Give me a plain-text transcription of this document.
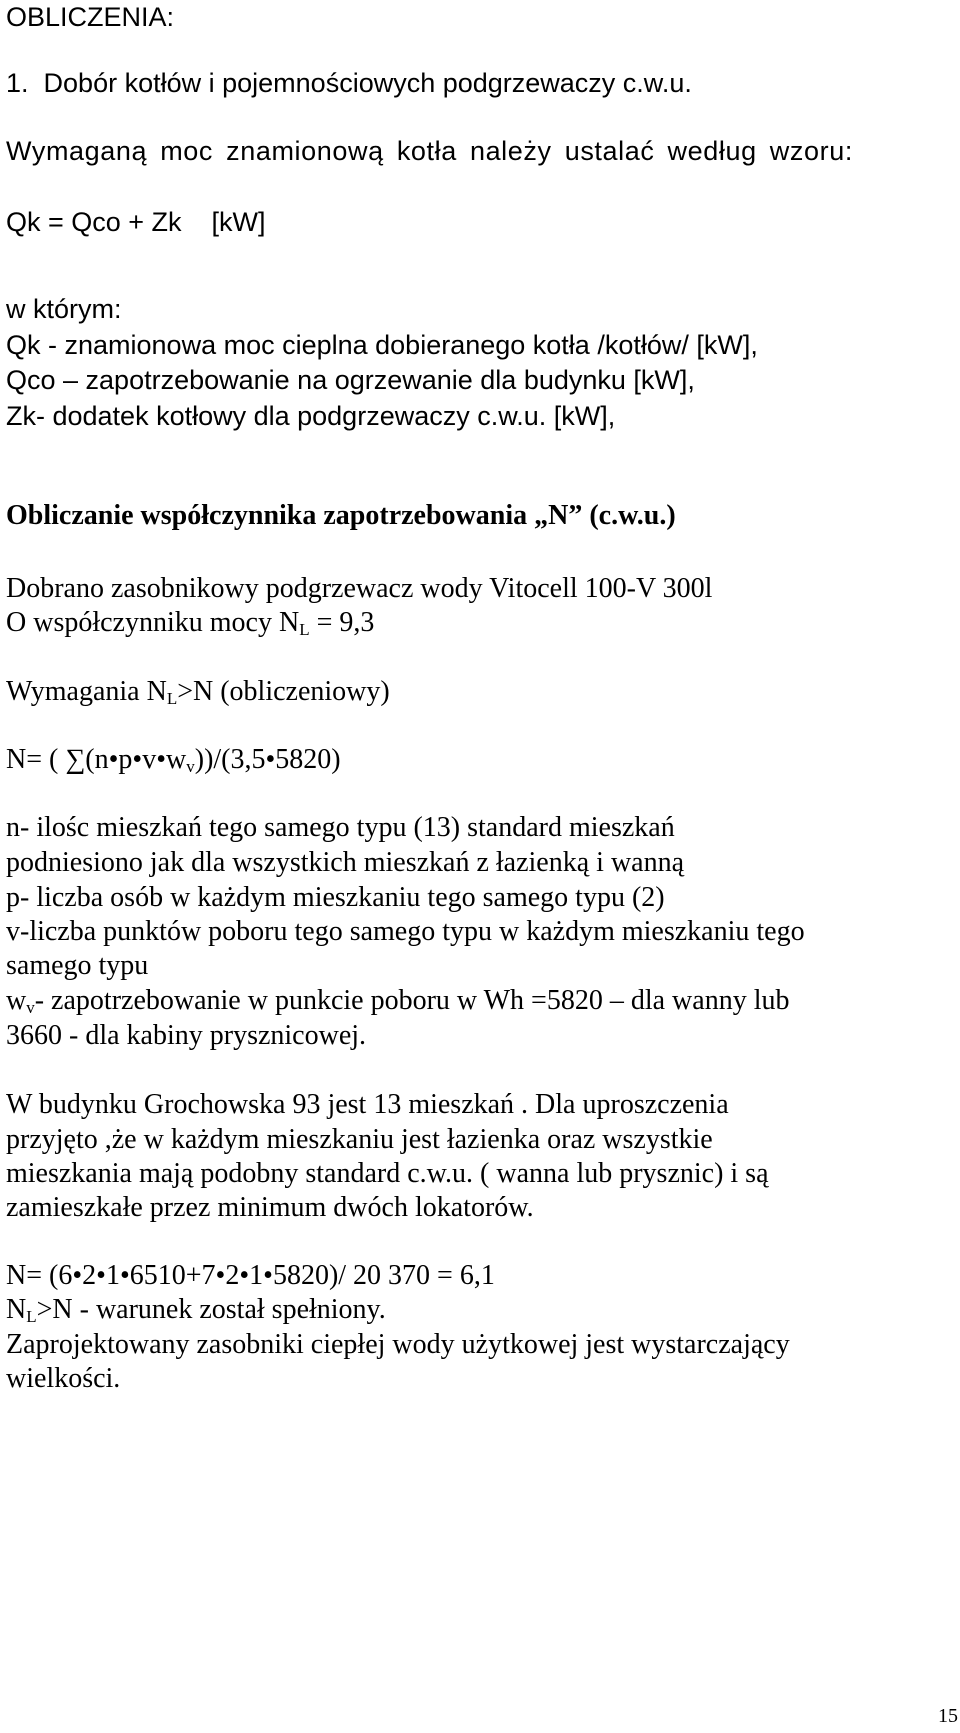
OBLICZENIA:
1. Dobór kotłów i pojemnościowych podgrzewaczy c.w.u.
Wymaganą moc znamionową kotła należy ustalać według wzoru:
Qk = Qco + Zk    [kW]
w którym:
Qk - znamionowa moc cieplna dobieranego kotła /kotłów/ [kW],
Qco – zapotrzebowanie na ogrzewanie dla budynku [kW],
Zk- dodatek kotłowy dla podgrzewaczy c.w.u. [kW],
Obliczanie współczynnika zapotrzebowania „N” (c.w.u.)
Dobrano zasobnikowy podgrzewacz wody Vitocell 100-V 300l
O współczynniku mocy $N_L = 9,3$
Wymagania $N_L>N$ (obliczeniowy)
N= ( $\sum(n•p•v•w_v))/(3,5•5820)$
n- ilośc mieszkań tego samego typu (13) standard mieszkań
podniesiono jak dla wszystkich mieszkań z łazienką i wanną
p- liczba osób w każdym mieszkaniu tego samego typu (2)
v-liczba punktów poboru tego samego typu w każdym mieszkaniu tego
samego typu
$w_v-$ zapotrzebowanie w punkcie poboru w Wh =5820 – dla wanny lub
3660 - dla kabiny prysznicowej.
W budynku Grochowska 93 jest 13 mieszkań . Dla uproszczenia
przyjęto ,że w każdym mieszkaniu jest łazienka oraz wszystkie
mieszkania mają podobny standard c.w.u. ( wanna lub prysznic) i są
zamieszkałe przez minimum dwóch lokatorów.
N= (6•2•1•6510+7•2•1•5820)/ 20 370 = 6,1
$N_L>N$ - warunek został spełniony.
Zaprojektowany zasobniki ciepłej wody użytkowej jest wystarczający
wielkości.
15
